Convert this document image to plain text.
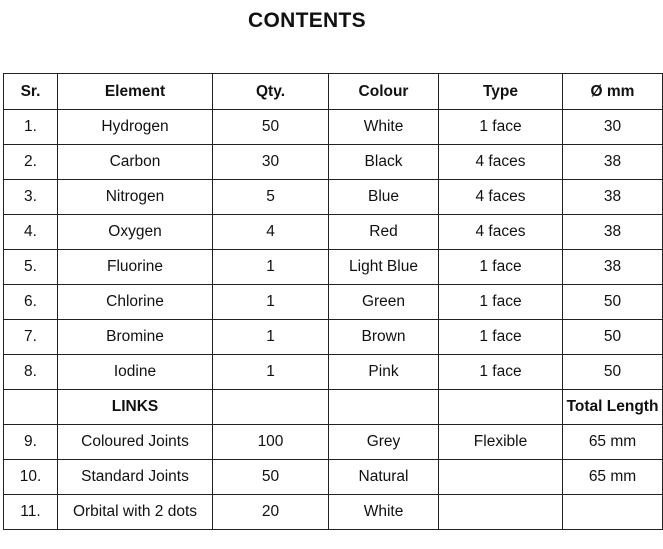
CONTENTS
Sr.	Element	Qty.	Colour	Type	Ø mm
1.	Hydrogen	50	White	1 face	30
2.	Carbon	30	Black	4 faces	38
3.	Nitrogen	5	Blue	4 faces	38
4.	Oxygen	4	Red	4 faces	38
5.	Fluorine	1	Light Blue	1 face	38
6.	Chlorine	1	Green	1 face	50
7.	Bromine	1	Brown	1 face	50
8.	Iodine	1	Pink	1 face	50
	LINKS				Total Length
9.	Coloured Joints	100	Grey	Flexible	65 mm
10.	Standard Joints	50	Natural		65 mm
11.	Orbital with 2 dots	20	White		
